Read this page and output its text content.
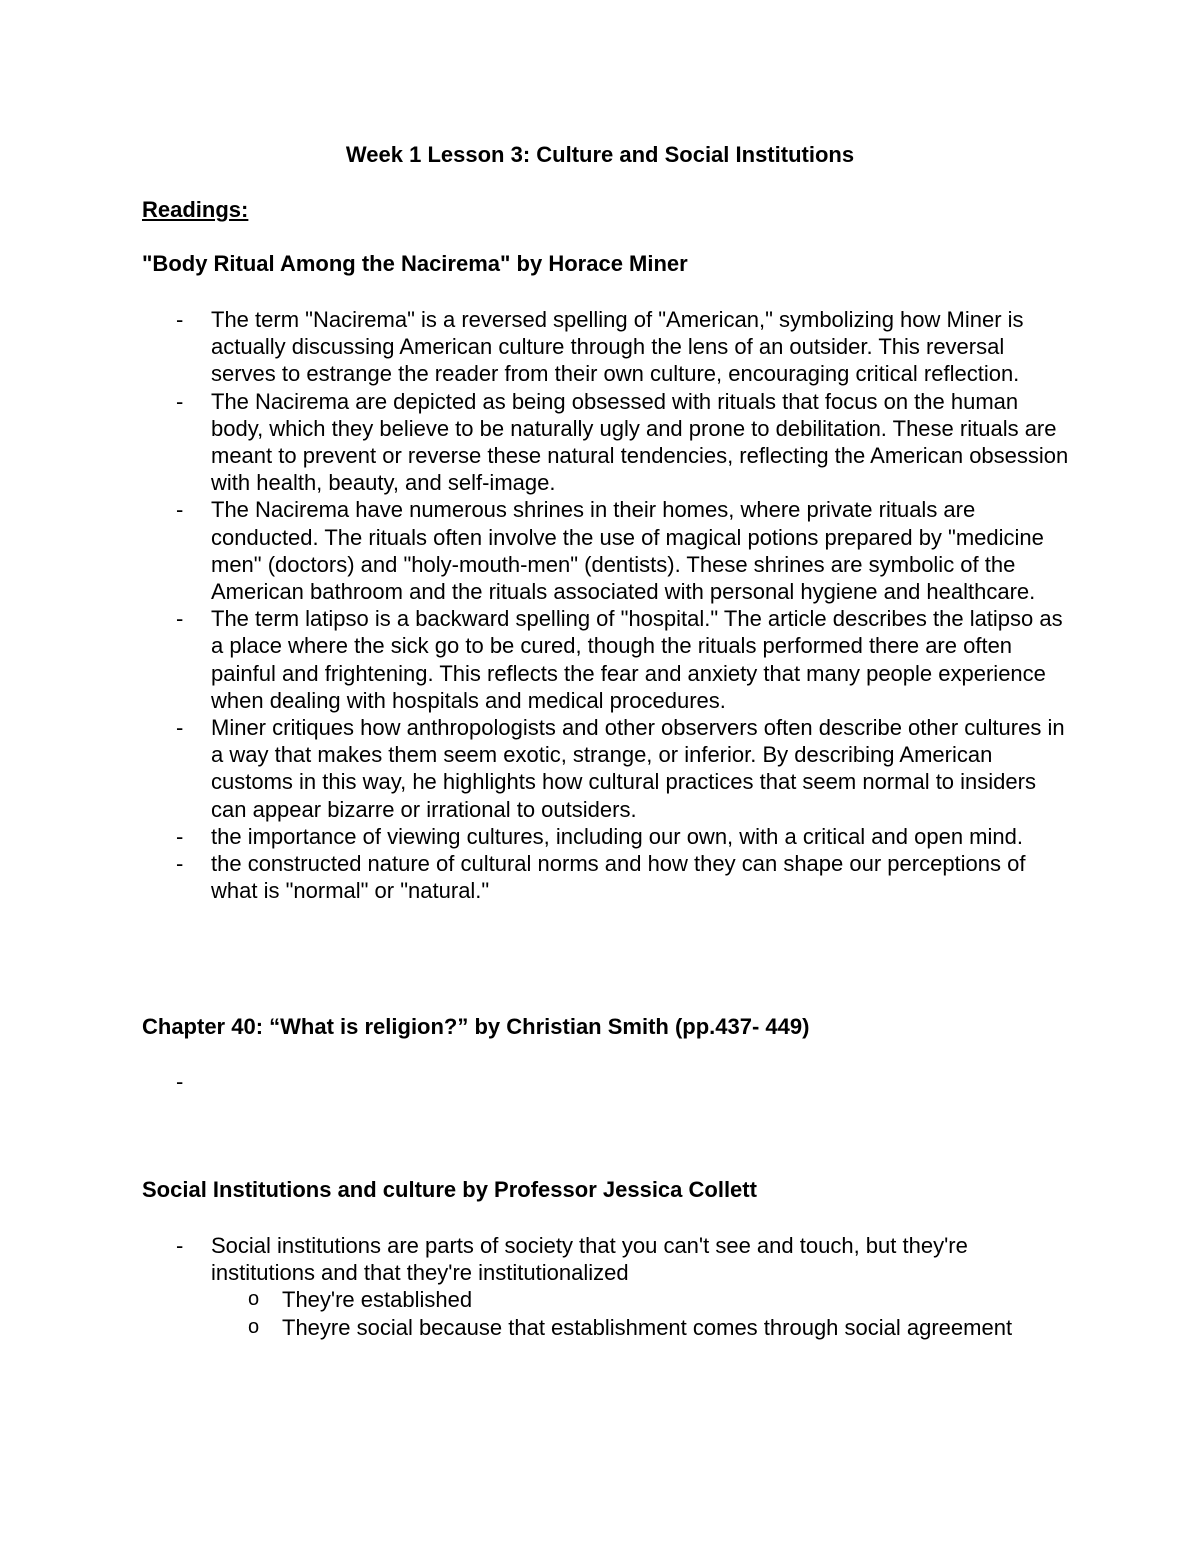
Week 1 Lesson 3: Culture and Social Institutions
Readings:
"Body Ritual Among the Nacirema" by Horace Miner
- The term "Nacirema" is a reversed spelling of "American," symbolizing how Miner is actually discussing American culture through the lens of an outsider. This reversal serves to estrange the reader from their own culture, encouraging critical reflection.
- The Nacirema are depicted as being obsessed with rituals that focus on the human body, which they believe to be naturally ugly and prone to debilitation. These rituals are meant to prevent or reverse these natural tendencies, reflecting the American obsession with health, beauty, and self-image.
- The Nacirema have numerous shrines in their homes, where private rituals are conducted. The rituals often involve the use of magical potions prepared by "medicine men" (doctors) and "holy-mouth-men" (dentists). These shrines are symbolic of the American bathroom and the rituals associated with personal hygiene and healthcare.
- The term latipso is a backward spelling of "hospital." The article describes the latipso as a place where the sick go to be cured, though the rituals performed there are often painful and frightening. This reflects the fear and anxiety that many people experience when dealing with hospitals and medical procedures.
- Miner critiques how anthropologists and other observers often describe other cultures in a way that makes them seem exotic, strange, or inferior. By describing American customs in this way, he highlights how cultural practices that seem normal to insiders can appear bizarre or irrational to outsiders.
- the importance of viewing cultures, including our own, with a critical and open mind.
- the constructed nature of cultural norms and how they can shape our perceptions of what is "normal" or "natural."
Chapter 40: “What is religion?” by Christian Smith (pp.437- 449)
-

Social Institutions and culture by Professor Jessica Collett
- Social institutions are parts of society that you can't see and touch, but they're institutions and that they're institutionalized
o They're established
o Theyre social because that establishment comes through social agreement
